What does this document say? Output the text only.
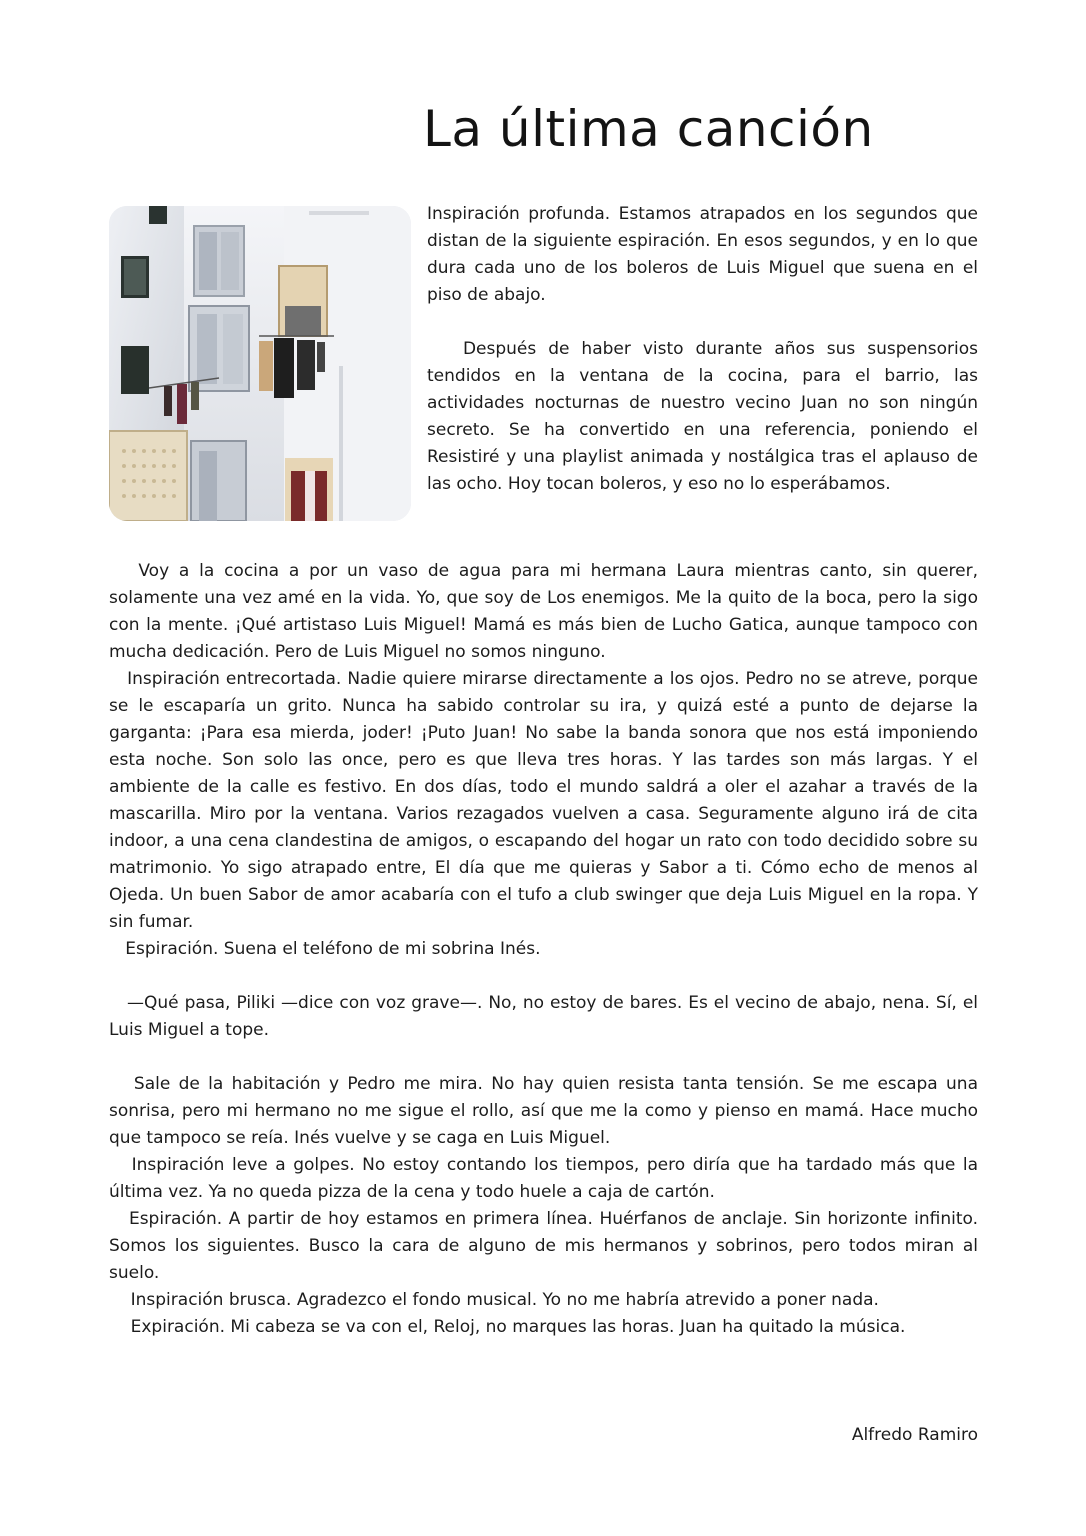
La última canción

Inspiración profunda. Estamos atrapados en los segundos que distan de la siguiente espiración. En esos segundos, y en lo que dura cada uno de los boleros de Luis Miguel que suena en el piso de abajo.

Después de haber visto durante años sus suspensorios tendidos en la ventana de la cocina, para el barrio, las actividades nocturnas de nuestro vecino Juan no son ningún secreto. Se ha convertido en una referencia, poniendo el Resistiré y una playlist animada y nostálgica tras el aplauso de las ocho. Hoy tocan boleros, y eso no lo esperábamos.

Voy a la cocina a por un vaso de agua para mi hermana Laura mientras canto, sin querer, solamente una vez amé en la vida. Yo, que soy de Los enemigos. Me la quito de la boca, pero la sigo con la mente. ¡Qué artistaso Luis Miguel! Mamá es más bien de Lucho Gatica, aunque tampoco con mucha dedicación. Pero de Luis Miguel no somos ninguno.

Inspiración entrecortada. Nadie quiere mirarse directamente a los ojos. Pedro no se atreve, porque se le escaparía un grito. Nunca ha sabido controlar su ira, y quizá esté a punto de dejarse la garganta: ¡Para esa mierda, joder! ¡Puto Juan! No sabe la banda sonora que nos está imponiendo esta noche. Son solo las once, pero es que lleva tres horas. Y las tardes son más largas. Y el ambiente de la calle es festivo. En dos días, todo el mundo saldrá a oler el azahar a través de la mascarilla. Miro por la ventana. Varios rezagados vuelven a casa. Seguramente alguno irá de cita indoor, a una cena clandestina de amigos, o escapando del hogar un rato con todo decidido sobre su matrimonio. Yo sigo atrapado entre, El día que me quieras y Sabor a ti. Cómo echo de menos al Ojeda. Un buen Sabor de amor acabaría con el tufo a club swinger que deja Luis Miguel en la ropa. Y sin fumar.

Espiración. Suena el teléfono de mi sobrina Inés.

—Qué pasa, Piliki —dice con voz grave—. No, no estoy de bares. Es el vecino de abajo, nena. Sí, el Luis Miguel a tope.

Sale de la habitación y Pedro me mira. No hay quien resista tanta tensión. Se me escapa una sonrisa, pero mi hermano no me sigue el rollo, así que me la como y pienso en mamá. Hace mucho que tampoco se reía. Inés vuelve y se caga en Luis Miguel.

Inspiración leve a golpes. No estoy contando los tiempos, pero diría que ha tardado más que la última vez. Ya no queda pizza de la cena y todo huele a caja de cartón.

Espiración. A partir de hoy estamos en primera línea. Huérfanos de anclaje. Sin horizonte infinito. Somos los siguientes. Busco la cara de alguno de mis hermanos y sobrinos, pero todos miran al suelo.

Inspiración brusca. Agradezco el fondo musical. Yo no me habría atrevido a poner nada.

Expiración. Mi cabeza se va con el, Reloj, no marques las horas. Juan ha quitado la música.

Alfredo Ramiro
